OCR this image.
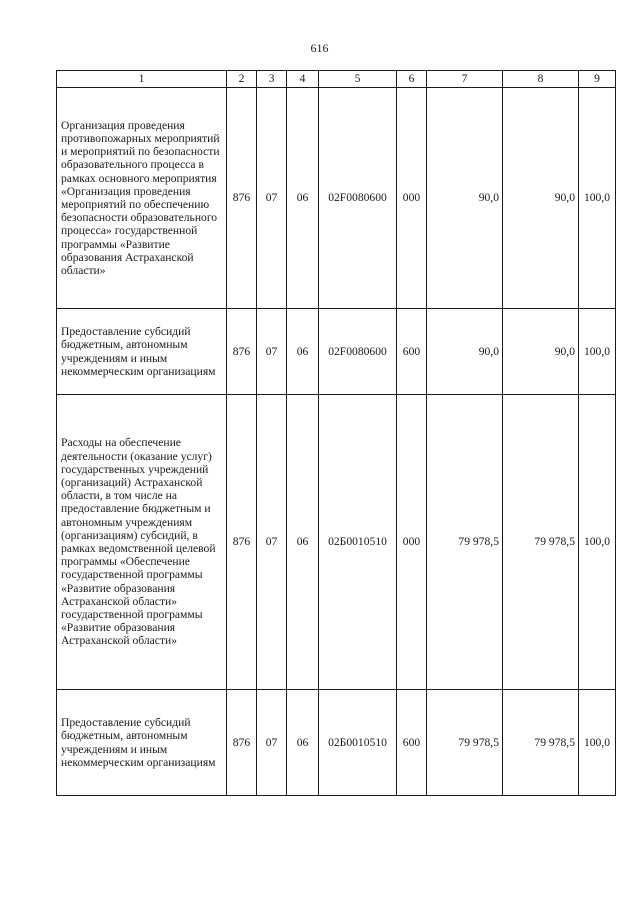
616
1	2	3	4	5	6	7	8	9
Организация проведения противопожарных мероприятий и мероприятий по безопасности образовательного процесса в рамках основного мероприятия «Организация проведения мероприятий по обеспечению безопасности образовательного процесса» государственной программы «Развитие образования Астраханской области»	876	07	06	02F0080600	000	90,0	90,0	100,0
Предоставление субсидий бюджетным, автономным учреждениям и иным некоммерческим организациям	876	07	06	02F0080600	600	90,0	90,0	100,0
Расходы на обеспечение деятельности (оказание услуг) государственных учреждений (организаций) Астраханской области, в том числе на предоставление бюджетным и автономным учреждениям (организациям) субсидий, в рамках ведомственной целевой программы «Обеспечение государственной программы «Развитие образования Астраханской области» государственной программы «Развитие образования Астраханской области»	876	07	06	02Б0010510	000	79 978,5	79 978,5	100,0
Предоставление субсидий бюджетным, автономным учреждениям и иным некоммерческим организациям	876	07	06	02Б0010510	600	79 978,5	79 978,5	100,0
